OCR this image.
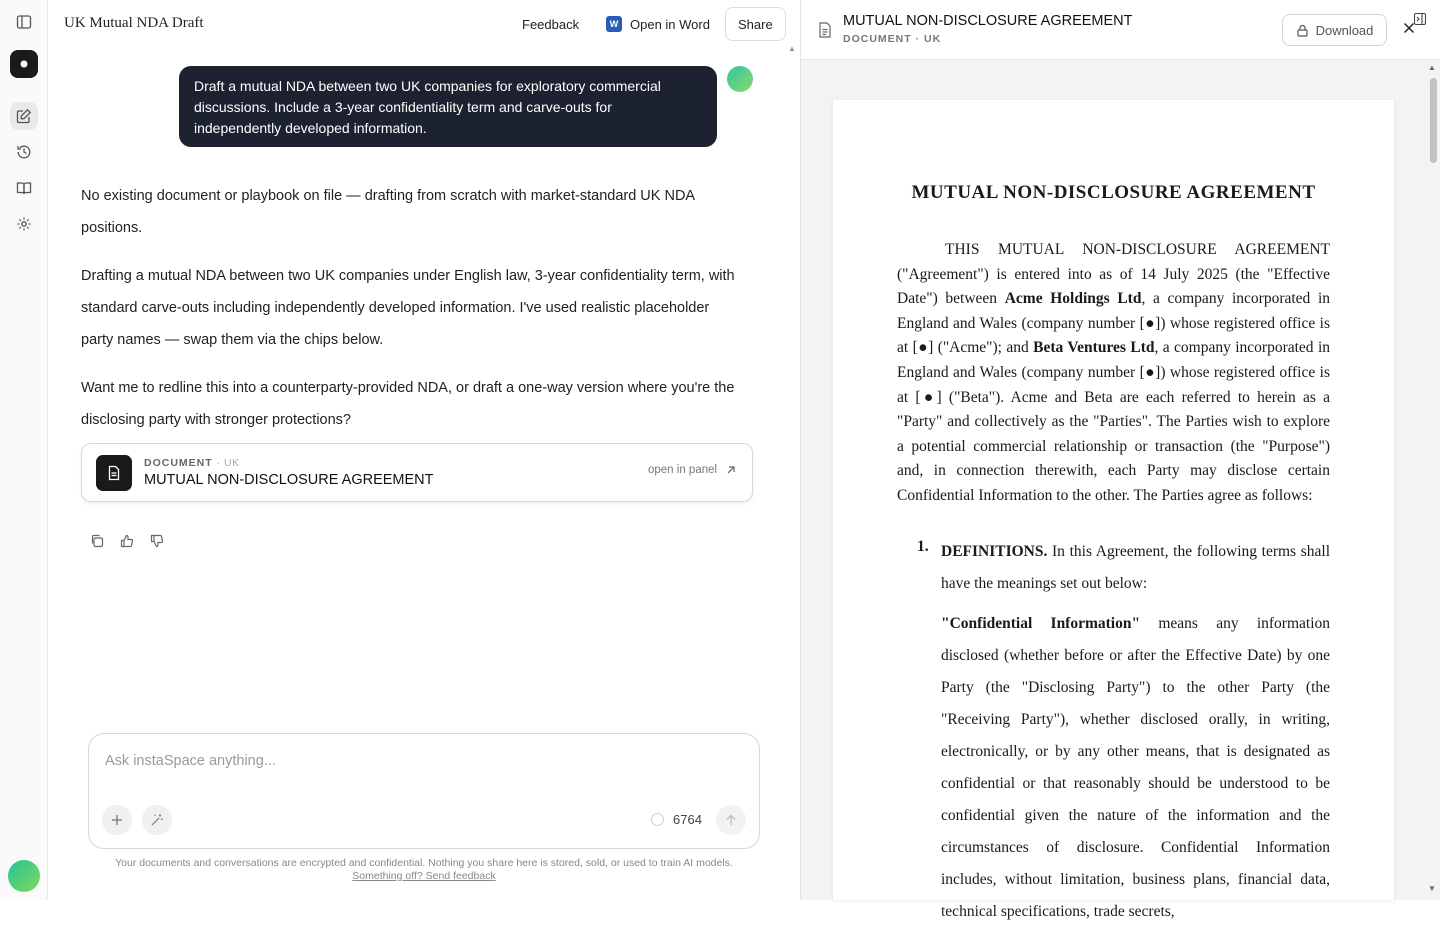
UK Mutual NDA Draft	Feedback	W Open in Word	Share
▲
Draft a mutual NDA between two UK companies for exploratory commercial discussions. Include a 3-year confidentiality term and carve-outs for independently developed information.

No existing document or playbook on file — drafting from scratch with market-standard UK NDA positions.

Drafting a mutual NDA between two UK companies under English law, 3-year confidentiality term, with standard carve-outs including independently developed information. I've used realistic placeholder party names — swap them via the chips below.

Want me to redline this into a counterparty-provided NDA, or draft a one-way version where you're the disclosing party with stronger protections?

DOCUMENT · UK
MUTUAL NON-DISCLOSURE AGREEMENT
open in panel
Ask instaSpace anything...
6764
Your documents and conversations are encrypted and confidential. Nothing you share here is stored, sold, or used to train AI models.
Something off? Send feedback
MUTUAL NON-DISCLOSURE AGREEMENT
DOCUMENT · UK
Download
MUTUAL NON-DISCLOSURE AGREEMENT
THIS MUTUAL NON-DISCLOSURE AGREEMENT ("Agreement") is entered into as of 14 July 2025 (the "Effective Date") between Acme Holdings Ltd, a company incorporated in England and Wales (company number [●]) whose registered office is at [●] ("Acme"); and Beta Ventures Ltd, a company incorporated in England and Wales (company number [●]) whose registered office is at [●] ("Beta"). Acme and Beta are each referred to herein as a "Party" and collectively as the "Parties". The Parties wish to explore a potential commercial relationship or transaction (the "Purpose") and, in connection therewith, each Party may disclose certain Confidential Information to the other. The Parties agree as follows:
1. DEFINITIONS. In this Agreement, the following terms shall have the meanings set out below:

"Confidential Information" means any information disclosed (whether before or after the Effective Date) by one Party (the "Disclosing Party") to the other Party (the "Receiving Party"), whether disclosed orally, in writing, electronically, or by any other means, that is designated as confidential or that reasonably should be understood to be confidential given the nature of the information and the circumstances of disclosure. Confidential Information includes, without limitation, business plans, financial data, technical specifications, trade secrets,

▲
▼
